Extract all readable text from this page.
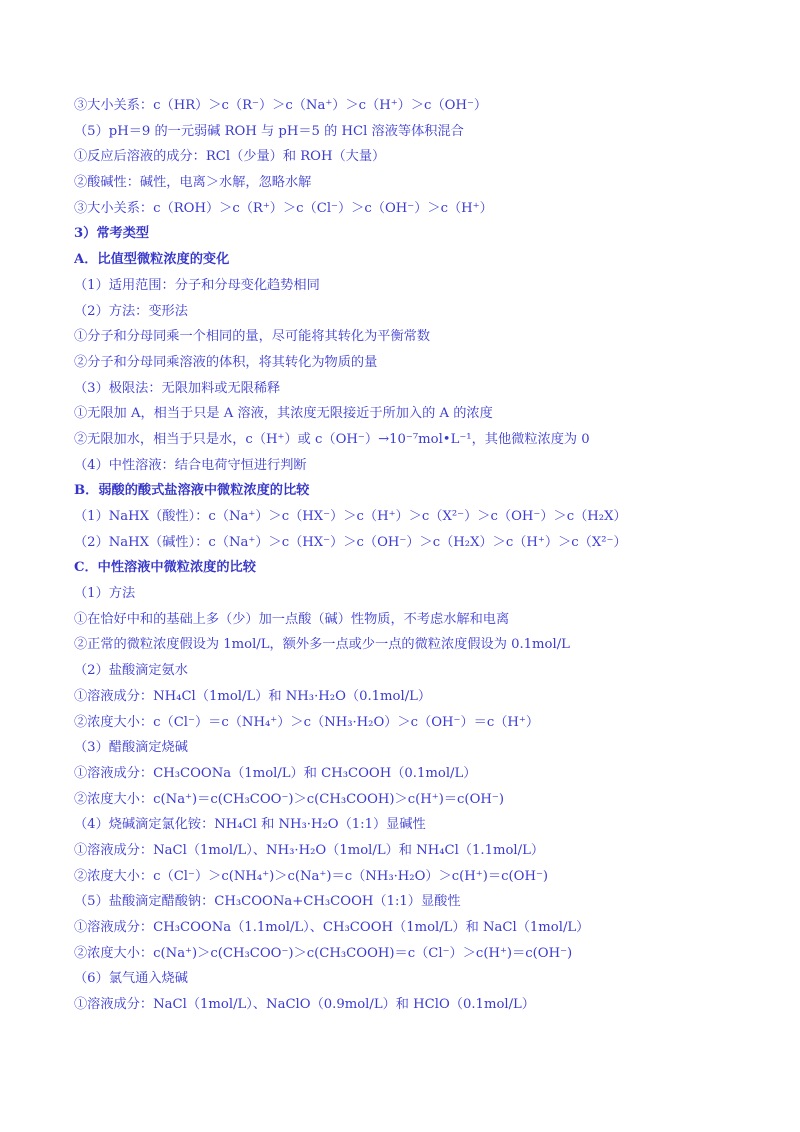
③大小关系：c（HR）＞c（R⁻）＞c（Na⁺）＞c（H⁺）＞c（OH⁻）
（5）pH＝9 的一元弱碱 ROH 与 pH＝5 的 HCl 溶液等体积混合
①反应后溶液的成分：RCl（少量）和 ROH（大量）
②酸碱性：碱性，电离＞水解，忽略水解
③大小关系：c（ROH）＞c（R⁺）＞c（Cl⁻）＞c（OH⁻）＞c（H⁺）
3）常考类型
A．比值型微粒浓度的变化
（1）适用范围：分子和分母变化趋势相同
（2）方法：变形法
①分子和分母同乘一个相同的量，尽可能将其转化为平衡常数
②分子和分母同乘溶液的体积，将其转化为物质的量
（3）极限法：无限加料或无限稀释
①无限加 A，相当于只是 A 溶液，其浓度无限接近于所加入的 A 的浓度
②无限加水，相当于只是水，c（H⁺）或 c（OH⁻）→10⁻⁷mol•L⁻¹，其他微粒浓度为 0
（4）中性溶液：结合电荷守恒进行判断
B．弱酸的酸式盐溶液中微粒浓度的比较
（1）NaHX（酸性）：c（Na⁺）＞c（HX⁻）＞c（H⁺）＞c（X²⁻）＞c（OH⁻）＞c（H₂X）
（2）NaHX（碱性）：c（Na⁺）＞c（HX⁻）＞c（OH⁻）＞c（H₂X）＞c（H⁺）＞c（X²⁻）
C．中性溶液中微粒浓度的比较
（1）方法
①在恰好中和的基础上多（少）加一点酸（碱）性物质，不考虑水解和电离
②正常的微粒浓度假设为 1mol/L，额外多一点或少一点的微粒浓度假设为 0.1mol/L
（2）盐酸滴定氨水
①溶液成分：NH₄Cl（1mol/L）和 NH₃·H₂O（0.1mol/L）
②浓度大小：c（Cl⁻）＝c（NH₄⁺）＞c（NH₃·H₂O）＞c（OH⁻）＝c（H⁺）
（3）醋酸滴定烧碱
①溶液成分：CH₃COONa（1mol/L）和 CH₃COOH（0.1mol/L）
②浓度大小：c(Na⁺)＝c(CH₃COO⁻)＞c(CH₃COOH)＞c(H⁺)＝c(OH⁻)
（4）烧碱滴定氯化铵：NH₄Cl 和 NH₃·H₂O（1:1）显碱性
①溶液成分：NaCl（1mol/L）、NH₃·H₂O（1mol/L）和 NH₄Cl（1.1mol/L）
②浓度大小：c（Cl⁻）＞c(NH₄⁺)＞c(Na⁺)＝c（NH₃·H₂O）＞c(H⁺)＝c(OH⁻)
（5）盐酸滴定醋酸钠：CH₃COONa+CH₃COOH（1:1）显酸性
①溶液成分：CH₃COONa（1.1mol/L）、CH₃COOH（1mol/L）和 NaCl（1mol/L）
②浓度大小：c(Na⁺)＞c(CH₃COO⁻)＞c(CH₃COOH)＝c（Cl⁻）＞c(H⁺)＝c(OH⁻)
（6）氯气通入烧碱
①溶液成分：NaCl（1mol/L）、NaClO（0.9mol/L）和 HClO（0.1mol/L）
